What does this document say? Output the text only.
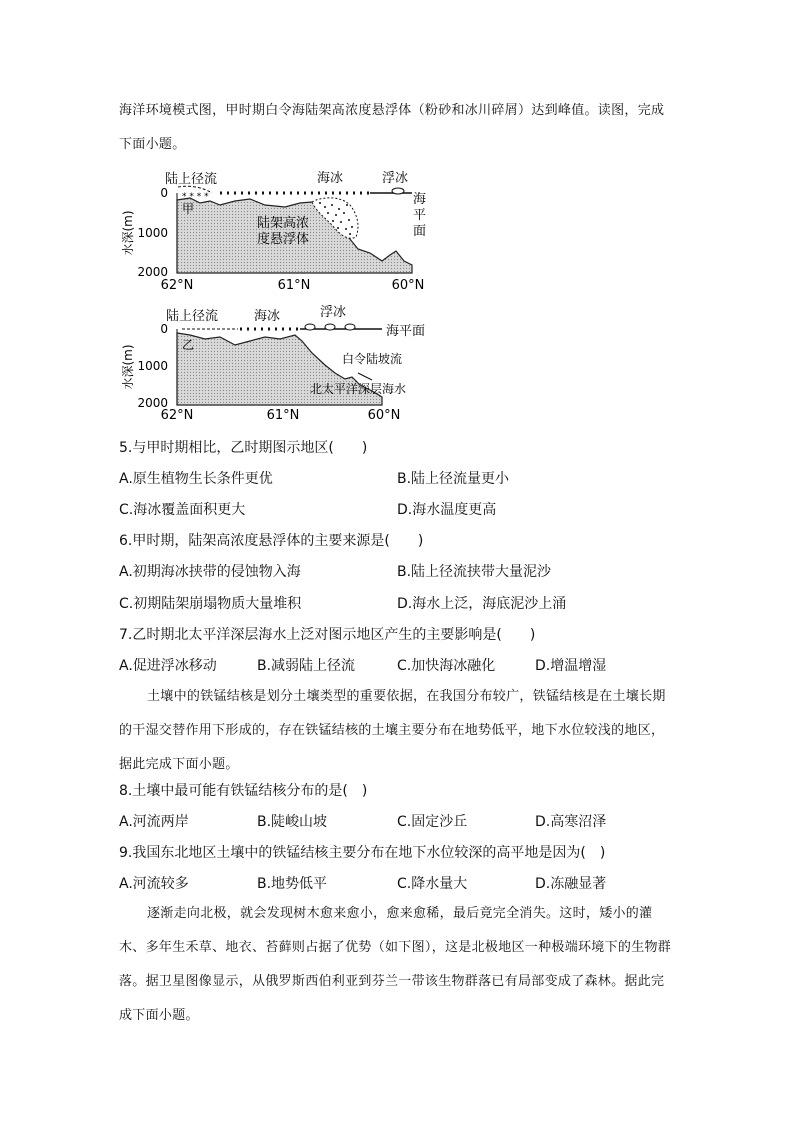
海洋环境模式图，甲时期白令海陆架高浓度悬浮体（粉砂和冰川碎屑）达到峰值。读图，完成下面小题。
* * * *
0
1000
2000
水深(m)
62°N	61°N	60°N
陆上径流	海冰	浮冰
海平面
甲
陆架高浓
度悬浮体
0
1000
2000
水深(m)
62°N	61°N	60°N
陆上径流	海冰	浮冰
海平面
乙
白令陆坡流
北太平洋深层海水
5.与甲时期相比，乙时期图示地区(　　)
A.原生植物生长条件更优	B.陆上径流量更小
C.海冰覆盖面积更大	D.海水温度更高
6.甲时期，陆架高浓度悬浮体的主要来源是(　　)
A.初期海冰挟带的侵蚀物入海	B.陆上径流挟带大量泥沙
C.初期陆架崩塌物质大量堆积	D.海水上泛，海底泥沙上涌
7.乙时期北太平洋深层海水上泛对图示地区产生的主要影响是(　　)
A.促进浮冰移动	B.减弱陆上径流	C.加快海冰融化	D.增温增湿
土壤中的铁锰结核是划分土壤类型的重要依据，在我国分布较广，铁锰结核是在土壤长期的干湿交替作用下形成的，存在铁锰结核的土壤主要分布在地势低平，地下水位较浅的地区，据此完成下面小题。
8.土壤中最可能有铁锰结核分布的是(　)
A.河流两岸	B.陡峻山坡	C.固定沙丘	D.高寒沼泽
9.我国东北地区土壤中的铁锰结核主要分布在地下水位较深的高平地是因为(　)
A.河流较多	B.地势低平	C.降水量大	D.冻融显著
逐渐走向北极，就会发现树木愈来愈小，愈来愈稀，最后竟完全消失。这时，矮小的灌木、多年生禾草、地衣、苔藓则占据了优势（如下图），这是北极地区一种极端环境下的生物群落。据卫星图像显示，从俄罗斯西伯利亚到芬兰一带该生物群落已有局部变成了森林。据此完成下面小题。
